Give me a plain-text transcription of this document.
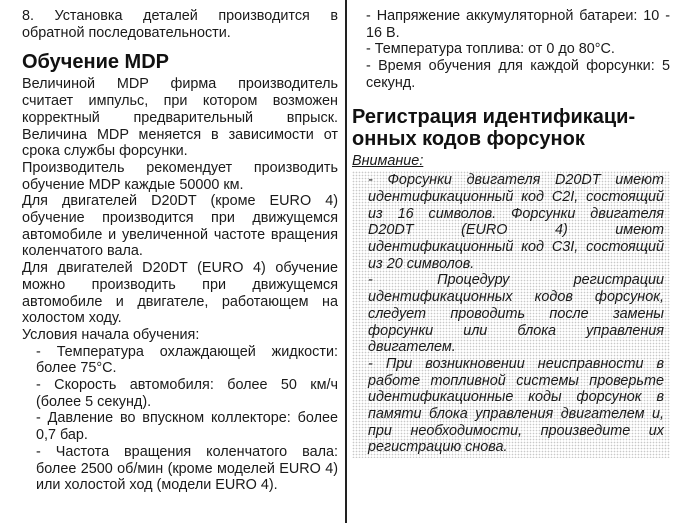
8. Установка деталей производится в обратной последовательности.

Обучение MDP

Величиной MDP фирма производитель считает импульс, при котором возможен корректный предварительный впрыск. Величина MDP меняется в зависимости от срока службы форсунки.

Производитель рекомендует производить обучение MDP каждые 50000 км.

Для двигателей D20DT (кроме EURO 4) обучение производится при движущемся автомобиле и увеличенной частоте вращения коленчатого вала.

Для двигателей D20DT (EURO 4) обучение можно производить при движущемся автомобиле и двигателе, работающем на холостом ходу.

Условия начала обучения:

- Температура охлаждающей жидкости: более 75°С.

- Скорость автомобиля: более 50 км/ч (более 5 секунд).

- Давление во впускном коллекторе: более 0,7 бар.

- Частота вращения коленчатого вала: более 2500 об/мин (кроме моделей EURO 4) или холостой ход (модели EURO 4).

- Напряжение аккумуляторной батареи: 10 - 16 В.

- Температура топлива: от 0 до 80°С.

- Время обучения для каждой форсунки: 5 секунд.

Регистрация идентификаци-
онных кодов форсунок

Внимание:

- Форсунки двигателя D20DT имеют идентификационный код C2I, состоящий из 16 символов. Форсунки двигателя D20DT (EURO 4) имеют идентификационный код C3I, состоящий из 20 символов.

- Процедуру регистрации идентификационных кодов форсунок, следует проводить после замены форсунки или блока управления двигателем.

- При возникновении неисправности в работе топливной системы проверьте идентификационные коды форсунок в памяти блока управления двигателем и, при необходимости, произведите их регистрацию снова.
